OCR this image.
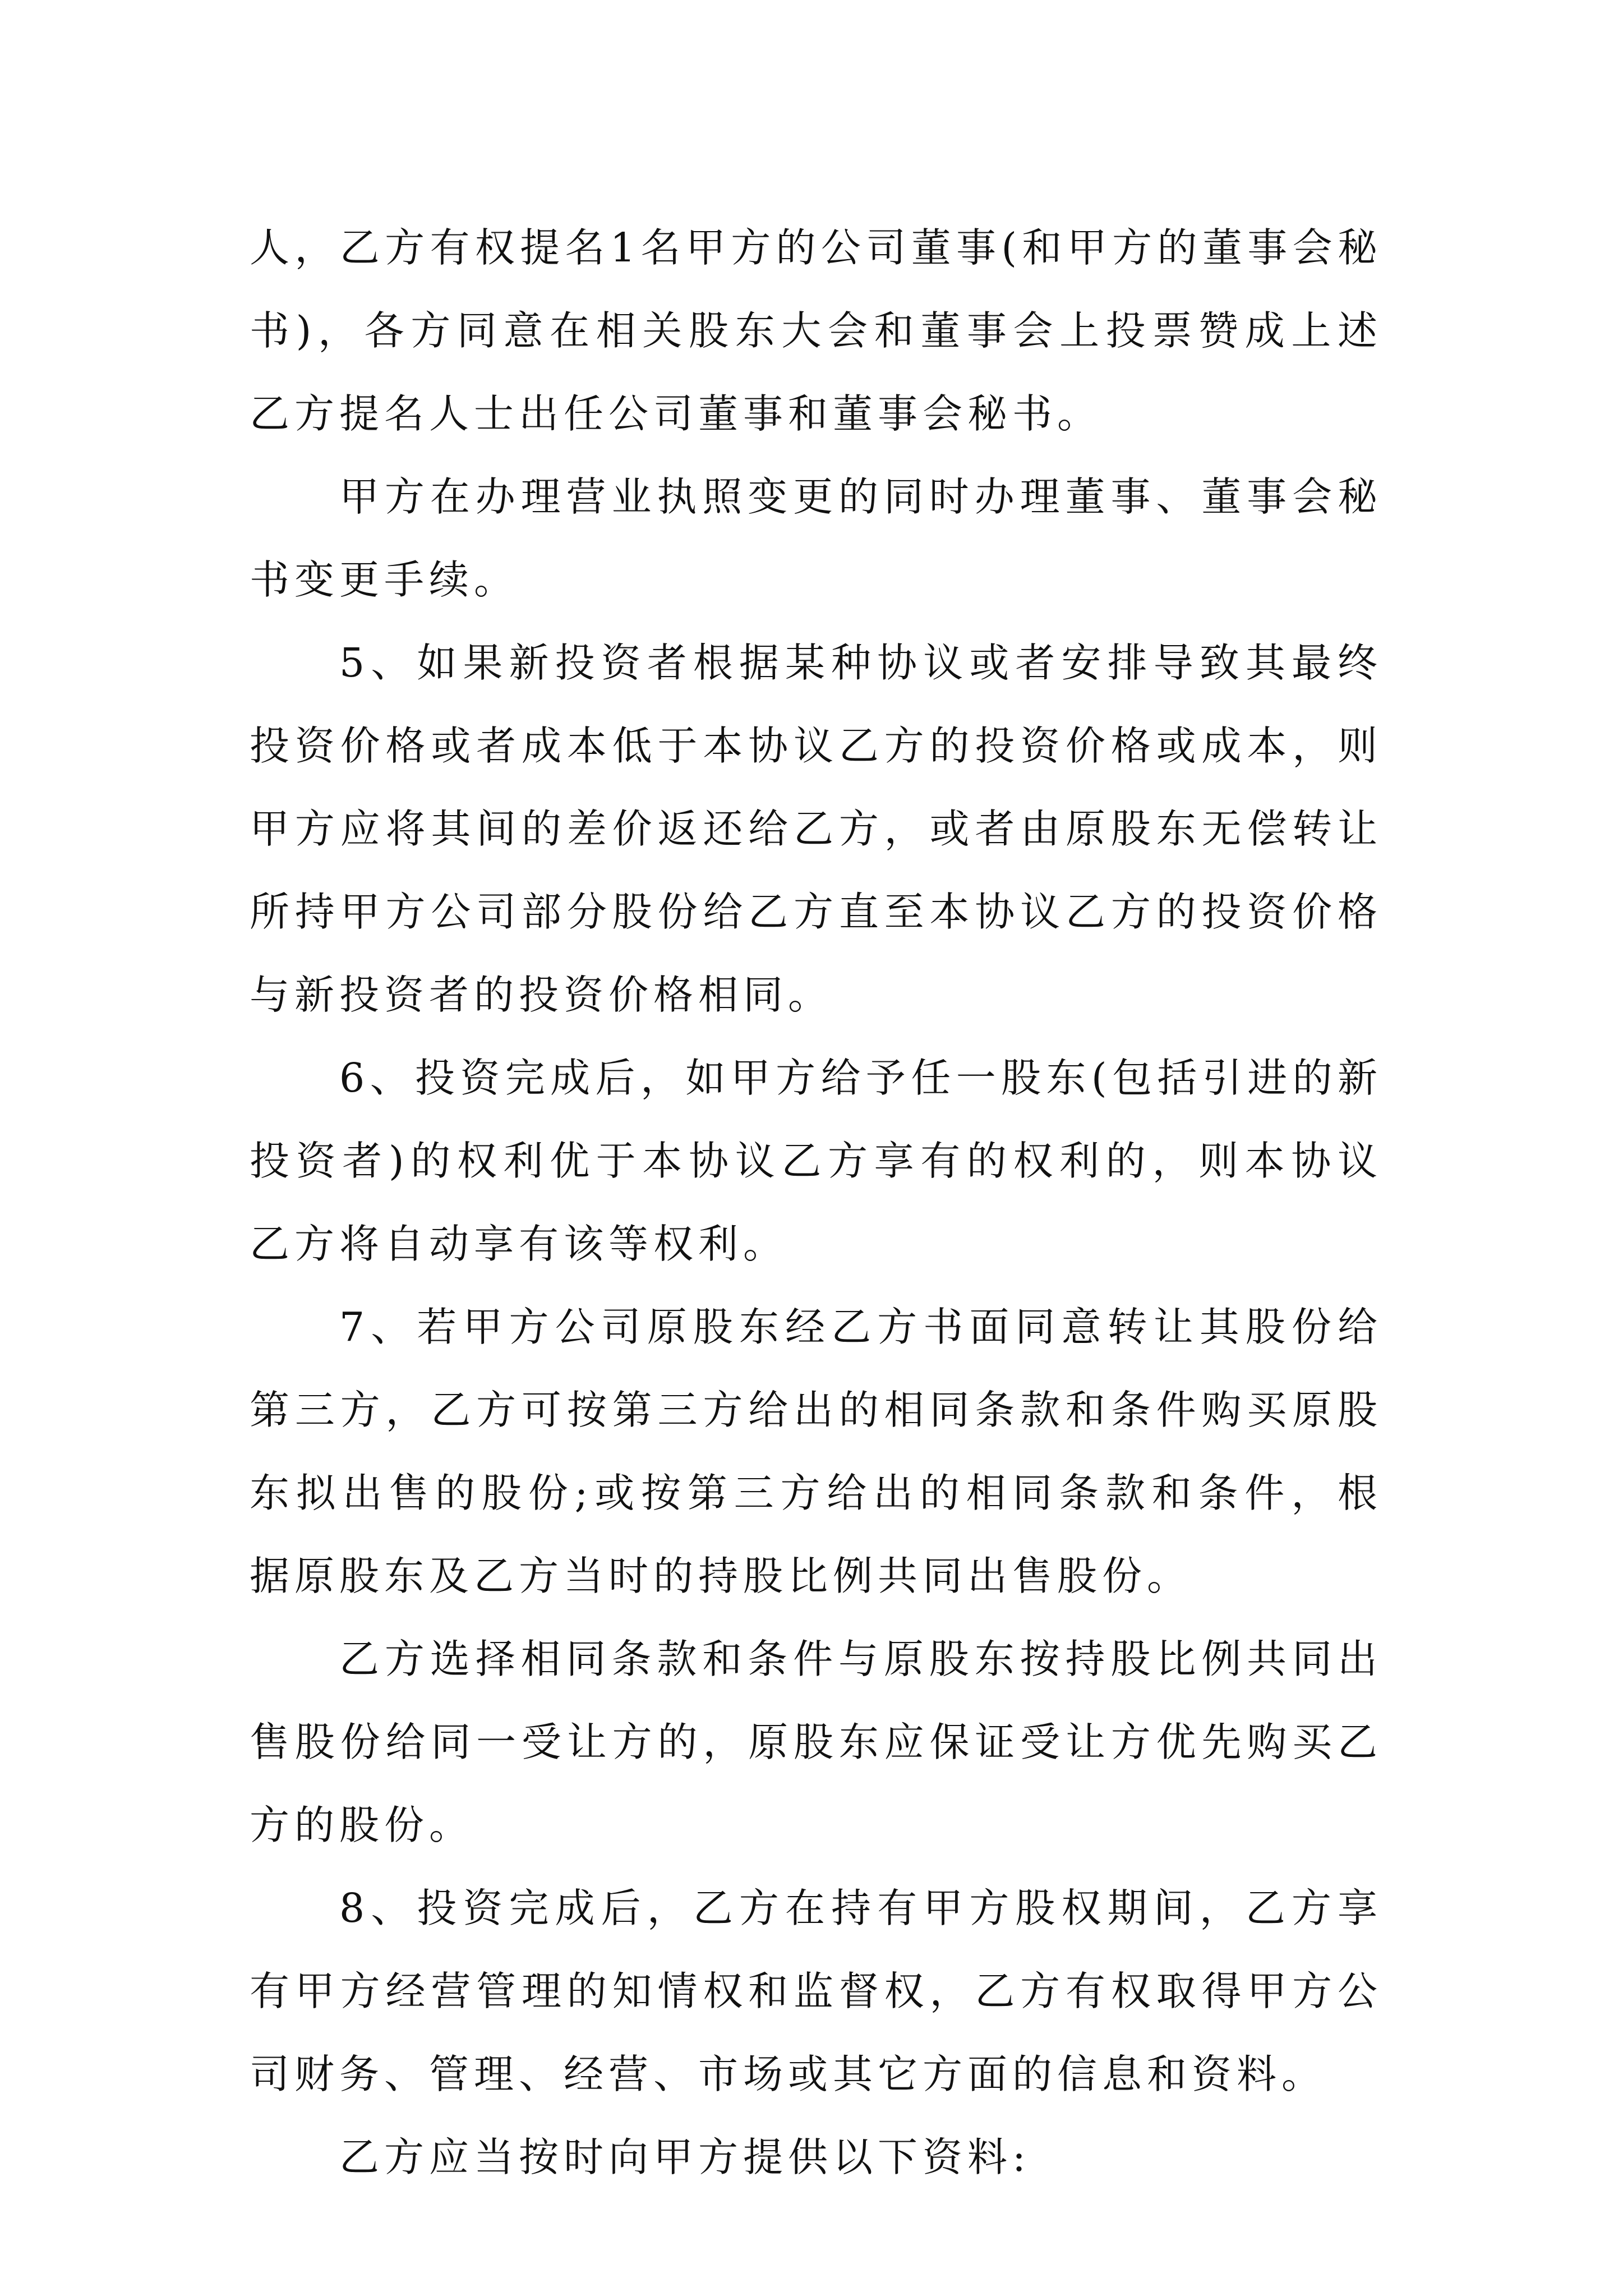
人，乙方有权提名1名甲方的公司董事(和甲方的董事会秘书)，各方同意在相关股东大会和董事会上投票赞成上述乙方提名人士出任公司董事和董事会秘书。

甲方在办理营业执照变更的同时办理董事、董事会秘书变更手续。

5、如果新投资者根据某种协议或者安排导致其最终投资价格或者成本低于本协议乙方的投资价格或成本，则甲方应将其间的差价返还给乙方，或者由原股东无偿转让所持甲方公司部分股份给乙方直至本协议乙方的投资价格与新投资者的投资价格相同。

6、投资完成后，如甲方给予任一股东(包括引进的新投资者)的权利优于本协议乙方享有的权利的，则本协议乙方将自动享有该等权利。

7、若甲方公司原股东经乙方书面同意转让其股份给第三方，乙方可按第三方给出的相同条款和条件购买原股东拟出售的股份;或按第三方给出的相同条款和条件，根据原股东及乙方当时的持股比例共同出售股份。

乙方选择相同条款和条件与原股东按持股比例共同出售股份给同一受让方的，原股东应保证受让方优先购买乙方的股份。

8、投资完成后，乙方在持有甲方股权期间，乙方享有甲方经营管理的知情权和监督权，乙方有权取得甲方公司财务、管理、经营、市场或其它方面的信息和资料。

乙方应当按时向甲方提供以下资料:
